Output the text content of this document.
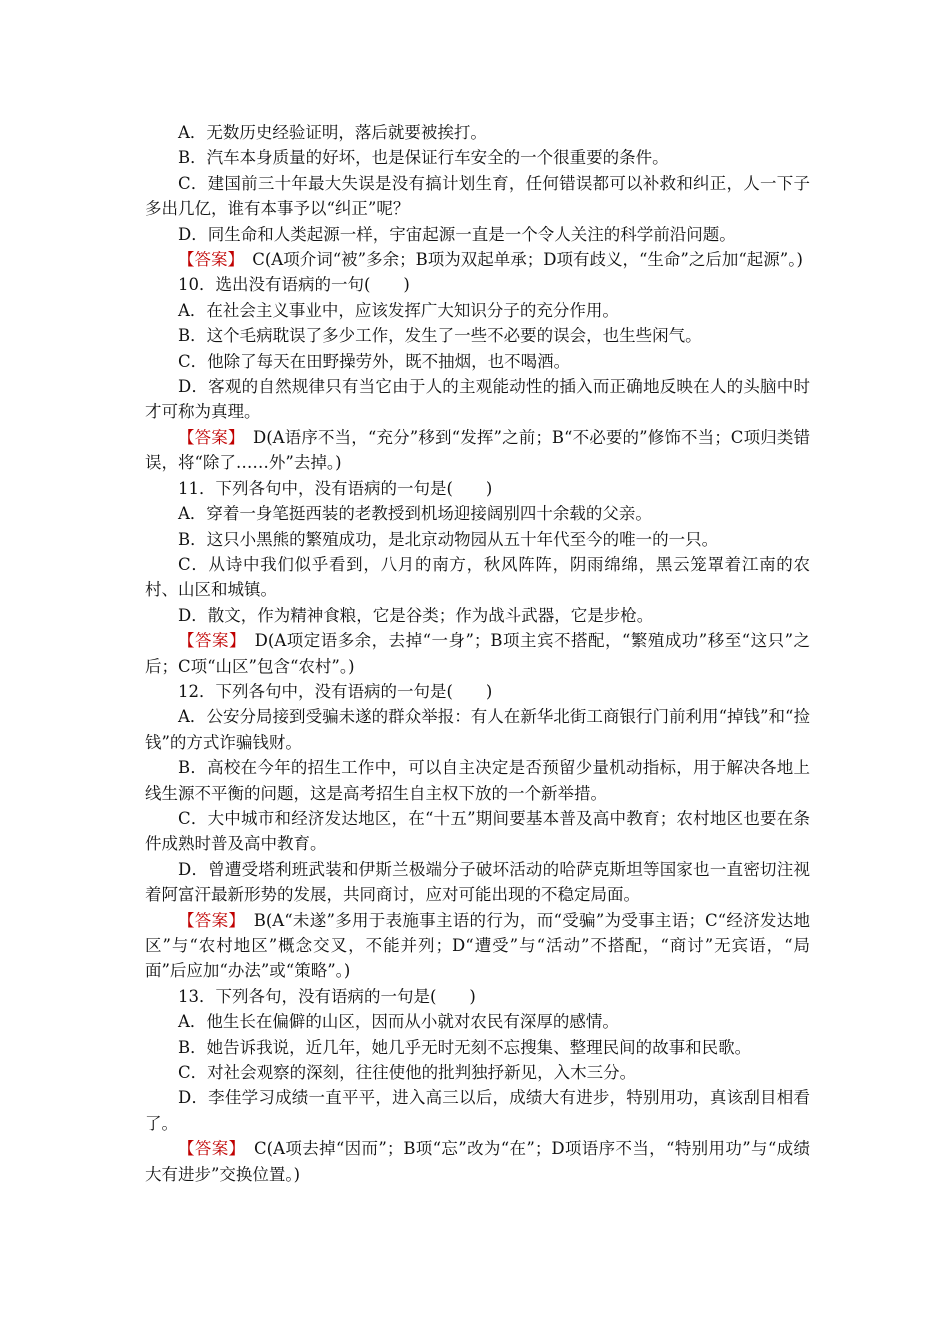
A．无数历史经验证明，落后就要被挨打。

B．汽车本身质量的好坏，也是保证行车安全的一个很重要的条件。

C．建国前三十年最大失误是没有搞计划生育，任何错误都可以补救和纠正，人一下子多出几亿，谁有本事予以“纠正”呢？

D．同生命和人类起源一样，宇宙起源一直是一个令人关注的科学前沿问题。

【答案】　C(A项介词“被”多余；B项为双起单承；D项有歧义，“生命”之后加“起源”。)

10．选出没有语病的一句(　　)

A．在社会主义事业中，应该发挥广大知识分子的充分作用。

B．这个毛病耽误了多少工作，发生了一些不必要的误会，也生些闲气。

C．他除了每天在田野操劳外，既不抽烟，也不喝酒。

D．客观的自然规律只有当它由于人的主观能动性的插入而正确地反映在人的头脑中时才可称为真理。

【答案】　D(A语序不当，“充分”移到“发挥”之前；B“不必要的”修饰不当；C项归类错误，将“除了……外”去掉。)

11．下列各句中，没有语病的一句是(　　)

A．穿着一身笔挺西装的老教授到机场迎接阔别四十余载的父亲。

B．这只小黑熊的繁殖成功，是北京动物园从五十年代至今的唯一的一只。

C．从诗中我们似乎看到，八月的南方，秋风阵阵，阴雨绵绵，黑云笼罩着江南的农村、山区和城镇。

D．散文，作为精神食粮，它是谷类；作为战斗武器，它是步枪。

【答案】　D(A项定语多余，去掉“一身”；B项主宾不搭配，“繁殖成功”移至“这只”之后；C项“山区”包含“农村”。)

12．下列各句中，没有语病的一句是(　　)

A．公安分局接到受骗未遂的群众举报：有人在新华北街工商银行门前利用“掉钱”和“捡钱”的方式诈骗钱财。

B．高校在今年的招生工作中，可以自主决定是否预留少量机动指标，用于解决各地上线生源不平衡的问题，这是高考招生自主权下放的一个新举措。

C．大中城市和经济发达地区，在“十五”期间要基本普及高中教育；农村地区也要在条件成熟时普及高中教育。

D．曾遭受塔利班武装和伊斯兰极端分子破坏活动的哈萨克斯坦等国家也一直密切注视着阿富汗最新形势的发展，共同商讨，应对可能出现的不稳定局面。

【答案】　B(A“未遂”多用于表施事主语的行为，而“受骗”为受事主语；C“经济发达地区”与“农村地区”概念交叉，不能并列；D“遭受”与“活动”不搭配，“商讨”无宾语，“局面”后应加“办法”或“策略”。)

13．下列各句，没有语病的一句是(　　)

A．他生长在偏僻的山区，因而从小就对农民有深厚的感情。

B．她告诉我说，近几年，她几乎无时无刻不忘搜集、整理民间的故事和民歌。

C．对社会观察的深刻，往往使他的批判独抒新见，入木三分。

D．李佳学习成绩一直平平，进入高三以后，成绩大有进步，特别用功，真该刮目相看了。

【答案】　C(A项去掉“因而”；B项“忘”改为“在”；D项语序不当，“特别用功”与“成绩大有进步”交换位置。)
